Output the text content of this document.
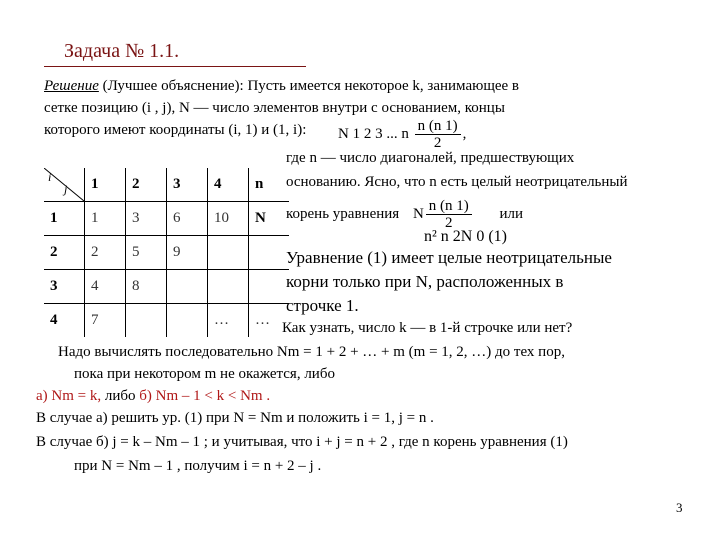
Задача № 1.1.
Решение (Лучшее объяснение): Пусть имеется некоторое k, занимающее в
сетке позицию (i , j), N — число элементов внутри с основанием, концы
которого имеют координаты (i, 1) и (1, i): N 1 2 3 ... n $\frac{n (n 1)}{2}$ ,
где n — число диагоналей, предшествующих
основанию. Ясно, что n есть целый неотрицательный
корень уравнения N $\frac{n (n 1)}{2}$ или
n² n 2N 0 (1)
Уравнение (1) имеет целые неотрицательные
корни только при N, расположенных в
строчке 1.
Как узнать, число k — в 1-й строчке или нет?
i
j	1	2	3	4	n
1	1	3	6	10	N
2	2	5	9		
3	4	8			
4	7			…	…
Надо вычислять последовательно Nm = 1 + 2 + … + m (m = 1, 2, …) до тех пор,
пока при некотором m не окажется, либо
а) Nm = k, либо б) Nm – 1 < k < Nm .
В случае а) решить ур. (1) при N = Nm и положить i = 1, j = n .
В случае б) j = k – Nm – 1 ; и учитывая, что i + j = n + 2 , где n корень уравнения (1)
при N = Nm – 1 , получим i = n + 2 – j .
3
